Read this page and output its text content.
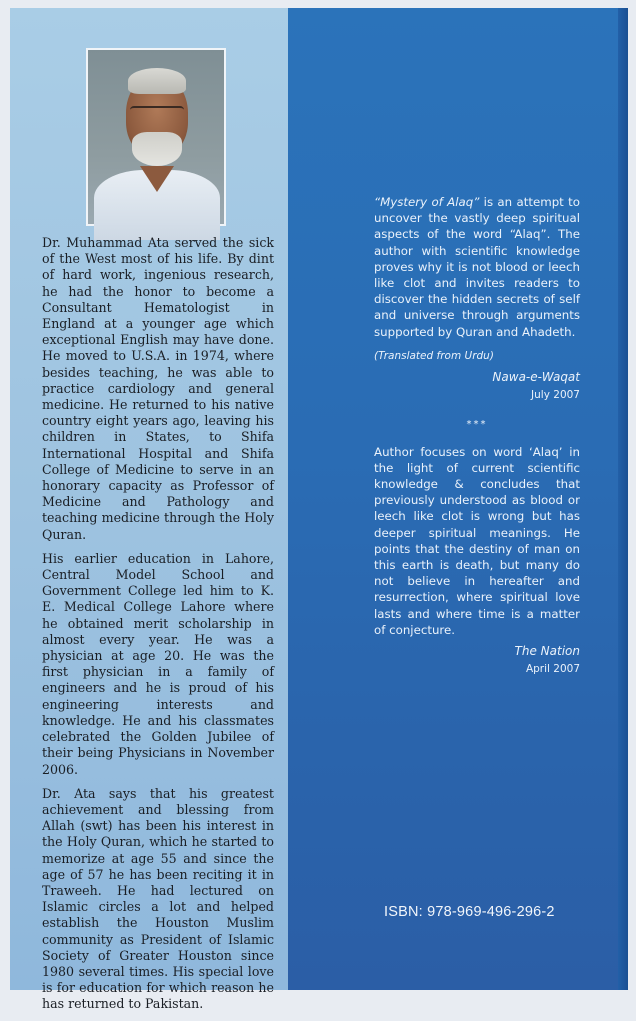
Dr. Muhammad Ata served the sick of the West most of his life. By dint of hard work, ingenious research, he had the honor to become a Consultant Hematologist in England at a younger age which exceptional English may have done. He moved to U.S.A. in 1974, where besides teaching, he was able to practice cardiology and general medicine. He returned to his native country eight years ago, leaving his children in States, to Shifa International Hospital and Shifa College of Medicine to serve in an honorary capacity as Professor of Medicine and Pathology and teaching medicine through the Holy Quran.

His earlier education in Lahore, Central Model School and Government College led him to K. E. Medical College Lahore where he obtained merit scholarship in almost every year. He was a physician at age 20. He was the first physician in a family of engineers and he is proud of his engineering interests and knowledge. He and his classmates celebrated the Golden Jubilee of their being Physicians in November 2006.

Dr. Ata says that his greatest achievement and blessing from Allah (swt) has been his interest in the Holy Quran, which he started to memorize at age 55 and since the age of 57 he has been reciting it in Traweeh. He had lectured on Islamic circles a lot and helped establish the Houston Muslim community as President of Islamic Society of Greater Houston since 1980 several times. His special love is for education for which reason he has returned to Pakistan.

“Mystery of Alaq” is an attempt to uncover the vastly deep spiritual aspects of the word “Alaq”. The author with scientific knowledge proves why it is not blood or leech like clot and invites readers to discover the hidden secrets of self and universe through arguments supported by Quran and Ahadeth.
(Translated from Urdu)
Nawa-e-Waqat
July 2007
***
Author focuses on word ‘Alaq’ in the light of current scientific knowledge & concludes that previously understood as blood or leech like clot is wrong but has deeper spiritual meanings. He points that the destiny of man on this earth is death, but many do not believe in hereafter and resurrection, where spiritual love lasts and where time is a matter of conjecture.
The Nation
April 2007
ISBN: 978-969-496-296-2
